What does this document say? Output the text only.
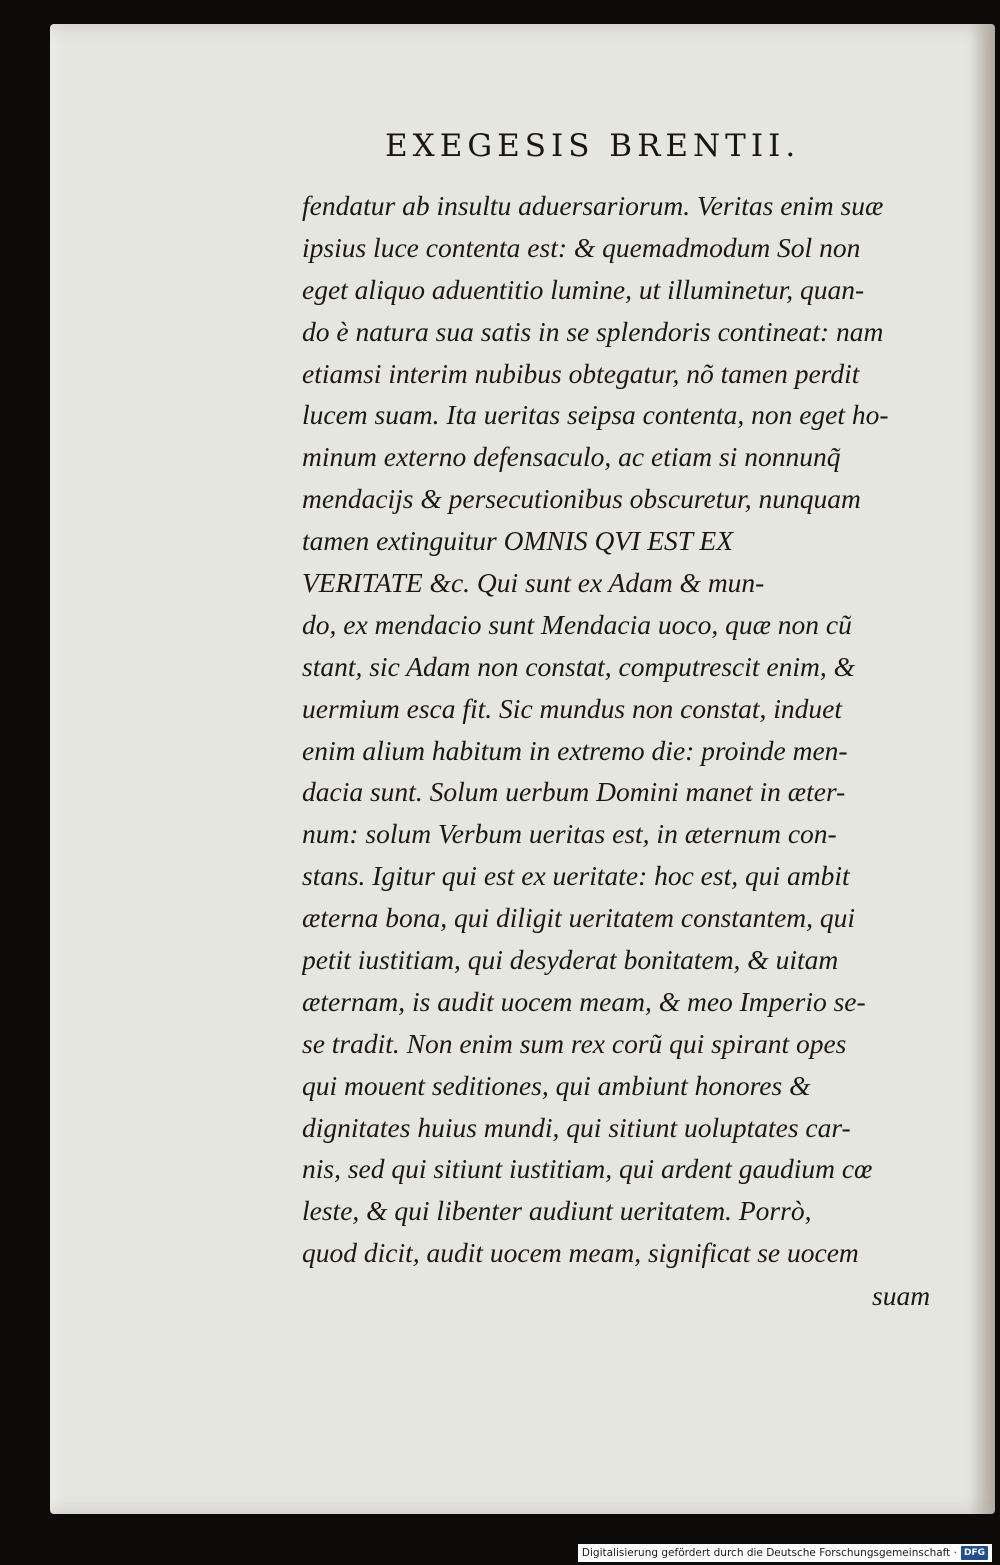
EXEGESIS BRENTII.
fendatur ab insultu aduersariorum. Veritas enim suæ
ipsius luce contenta est: & quemadmodum Sol non
eget aliquo aduentitio lumine, ut illuminetur, quan-
do è natura sua satis in se splendoris contineat: nam
etiamsi interim nubibus obtegatur, nõ tamen perdit
lucem suam. Ita ueritas seipsa contenta, non eget ho-
minum externo defensaculo, ac etiam si nonnunq̃
mendacijs & persecutionibus obscuretur, nunquam
tamen extinguitur OMNIS QVI EST EX
VERITATE &c. Qui sunt ex Adam & mun-
do, ex mendacio sunt Mendacia uoco, quæ non cũ
stant, sic Adam non constat, computrescit enim, &
uermium esca fit. Sic mundus non constat, induet
enim alium habitum in extremo die: proinde men-
dacia sunt. Solum uerbum Domini manet in æter-
num: solum Verbum ueritas est, in æternum con-
stans. Igitur qui est ex ueritate: hoc est, qui ambit
æterna bona, qui diligit ueritatem constantem, qui
petit iustitiam, qui desyderat bonitatem, & uitam
æternam, is audit uocem meam, & meo Imperio se-
se tradit. Non enim sum rex corũ qui spirant opes
qui mouent seditiones, qui ambiunt honores &
dignitates huius mundi, qui sitiunt uoluptates car-
nis, sed qui sitiunt iustitiam, qui ardent gaudium cœ
leste, & qui libenter audiunt ueritatem. Porrò,
quod dicit, audit uocem meam, significat se uocem
suam
Digitalisierung gefördert durch die Deutsche Forschungsgemeinschaft · DFG
